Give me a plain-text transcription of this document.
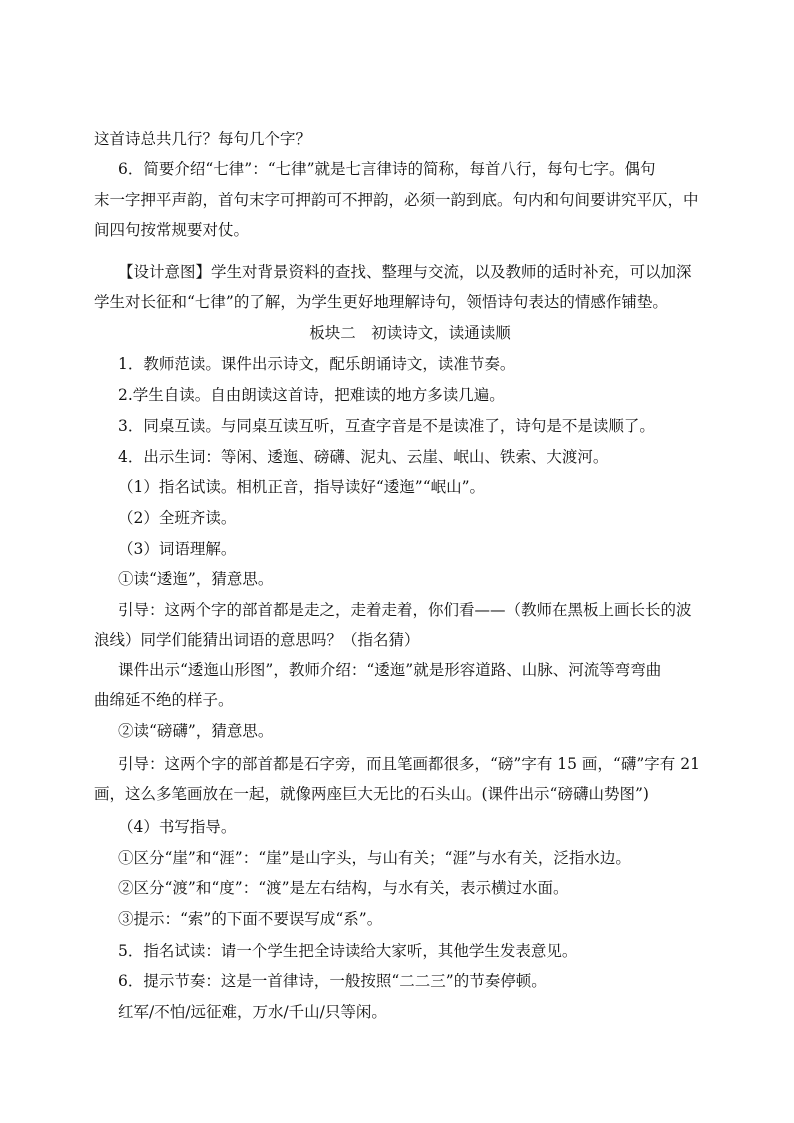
这首诗总共几行？每句几个字？
6．简要介绍“七律”：“七律”就是七言律诗的简称，每首八行，每句七字。偶句
末一字押平声韵，首句末字可押韵可不押韵，必须一韵到底。句内和句间要讲究平仄，中
间四句按常规要对仗。
【设计意图】学生对背景资料的查找、整理与交流，以及教师的适时补充，可以加深
学生对长征和“七律”的了解，为学生更好地理解诗句，领悟诗句表达的情感作铺垫。
板块二　初读诗文，读通读顺
1．教师范读。课件出示诗文，配乐朗诵诗文，读准节奏。
2.学生自读。自由朗读这首诗，把难读的地方多读几遍。
3．同桌互读。与同桌互读互听，互查字音是不是读准了，诗句是不是读顺了。
4．出示生词：等闲、逶迤、磅礴、泥丸、云崖、岷山、铁索、大渡河。
（1）指名试读。相机正音，指导读好“逶迤”“岷山”。
（2）全班齐读。
（3）词语理解。
①读“逶迤”，猜意思。
引导：这两个字的部首都是走之，走着走着，你们看——（教师在黑板上画长长的波
浪线）同学们能猜出词语的意思吗？（指名猜）
课件出示“逶迤山形图”，教师介绍：“逶迤”就是形容道路、山脉、河流等弯弯曲
曲绵延不绝的样子。
②读“磅礴”，猜意思。
引导：这两个字的部首都是石字旁，而且笔画都很多，“磅”字有 15 画，“礴”字有 21
画，这么多笔画放在一起，就像两座巨大无比的石头山。(课件出示“磅礴山势图”)
（4）书写指导。
①区分“崖”和“涯”：“崖”是山字头，与山有关；“涯”与水有关，泛指水边。
②区分“渡”和“度”：“渡”是左右结构，与水有关，表示横过水面。
③提示：“索”的下面不要误写成“系”。
5．指名试读：请一个学生把全诗读给大家听，其他学生发表意见。
6．提示节奏：这是一首律诗，一般按照“二二三”的节奏停顿。
红军/不怕/远征难，万水/千山/只等闲。
